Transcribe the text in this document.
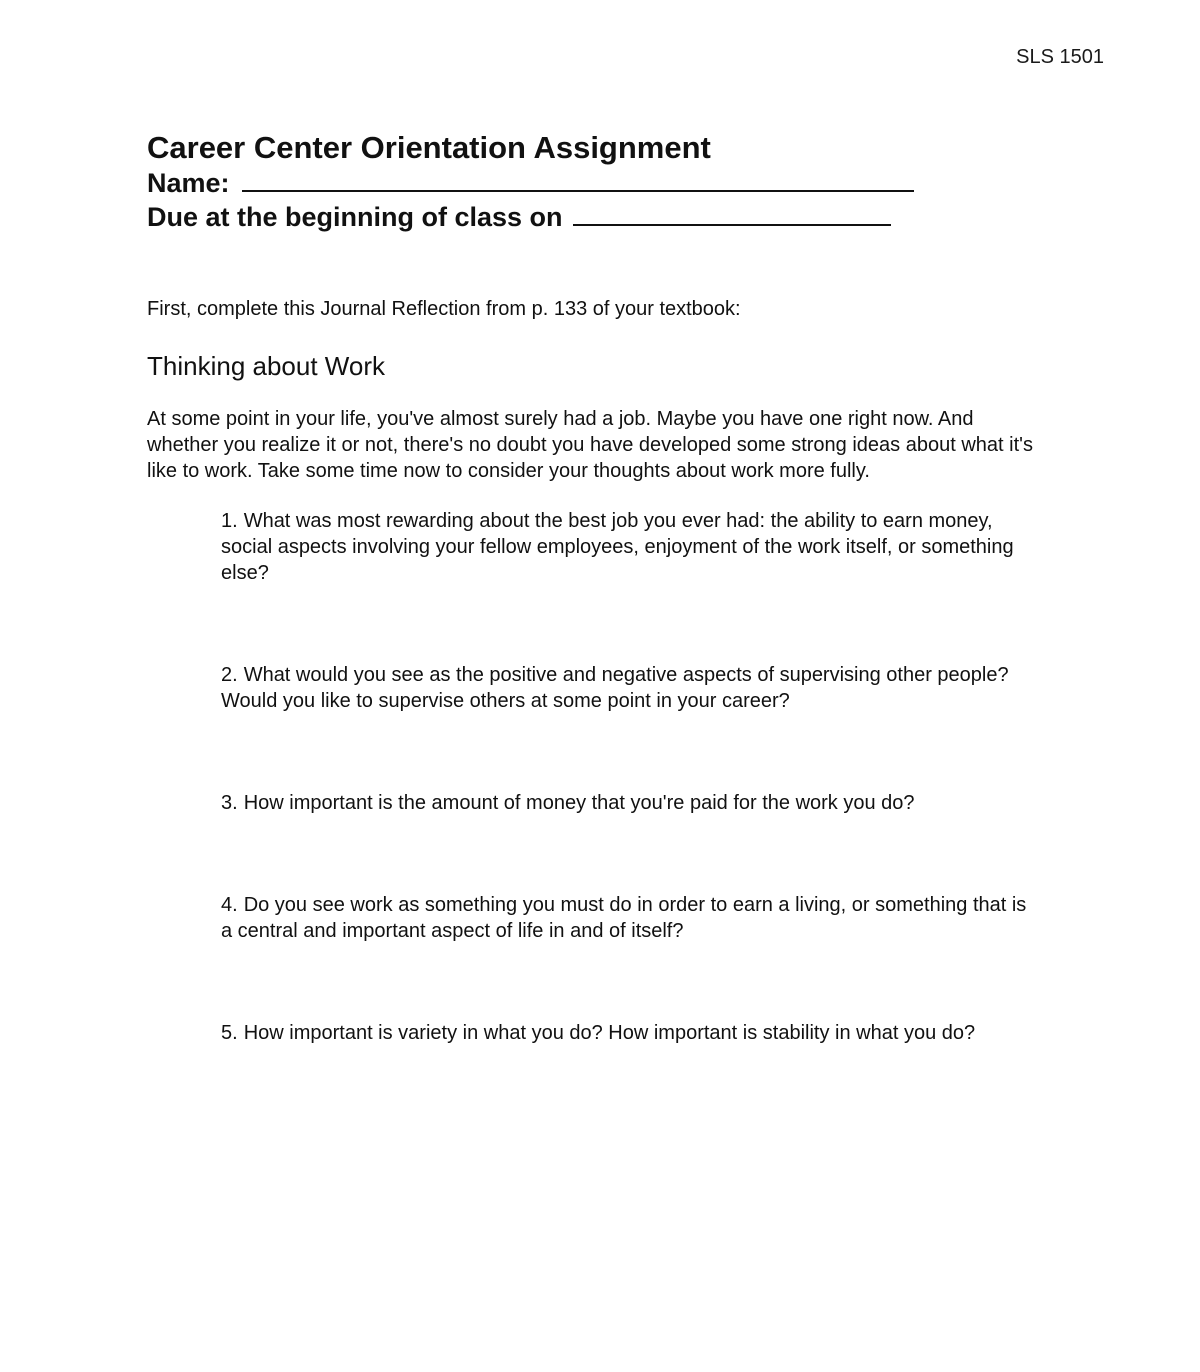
SLS 1501
Career Center Orientation Assignment
Name:
Due at the beginning of class on
First, complete this Journal Reflection from p. 133 of your textbook:
Thinking about Work
At some point in your life, you've almost surely had a job. Maybe you have one right now. And whether you realize it or not, there's no doubt you have developed some strong ideas about what it's like to work. Take some time now to consider your thoughts about work more fully.
1. What was most rewarding about the best job you ever had: the ability to earn money, social aspects involving your fellow employees, enjoyment of the work itself, or something else?
2. What would you see as the positive and negative aspects of supervising other people? Would you like to supervise others at some point in your career?
3. How important is the amount of money that you're paid for the work you do?
4. Do you see work as something you must do in order to earn a living, or something that is a central and important aspect of life in and of itself?
5. How important is variety in what you do? How important is stability in what you do?
